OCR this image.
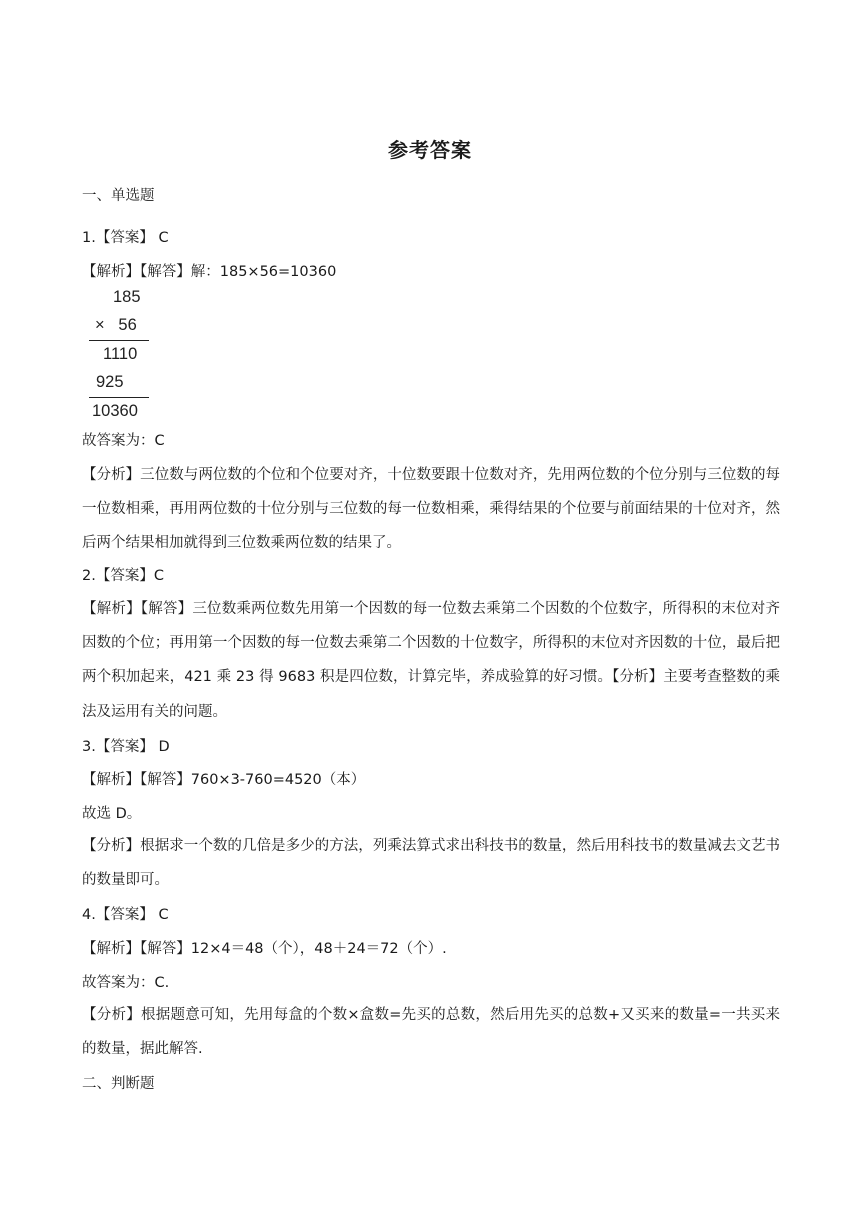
参考答案
一、单选题
1.【答案】 C
【解析】【解答】解：185×56=10360
185
×   56
1110
925
10360
故答案为：C
【分析】三位数与两位数的个位和个位要对齐，十位数要跟十位数对齐，先用两位数的个位分别与三位数的每一位数相乘，再用两位数的十位分别与三位数的每一位数相乘，乘得结果的个位要与前面结果的十位对齐，然后两个结果相加就得到三位数乘两位数的结果了。
2.【答案】C
【解析】【解答】三位数乘两位数先用第一个因数的每一位数去乘第二个因数的个位数字，所得积的末位对齐因数的个位；再用第一个因数的每一位数去乘第二个因数的十位数字，所得积的末位对齐因数的十位，最后把两个积加起来，421 乘 23 得 9683 积是四位数，计算完毕，养成验算的好习惯。【分析】主要考查整数的乘法及运用有关的问题。
3.【答案】 D
【解析】【解答】760×3-760=4520（本）
故选 D。
【分析】根据求一个数的几倍是多少的方法，列乘法算式求出科技书的数量，然后用科技书的数量减去文艺书的数量即可。
4.【答案】 C
【解析】【解答】12×4＝48（个），48＋24＝72（个）.
故答案为：C.
【分析】根据题意可知，先用每盒的个数×盒数=先买的总数，然后用先买的总数+又买来的数量=一共买来的数量，据此解答.
二、判断题
